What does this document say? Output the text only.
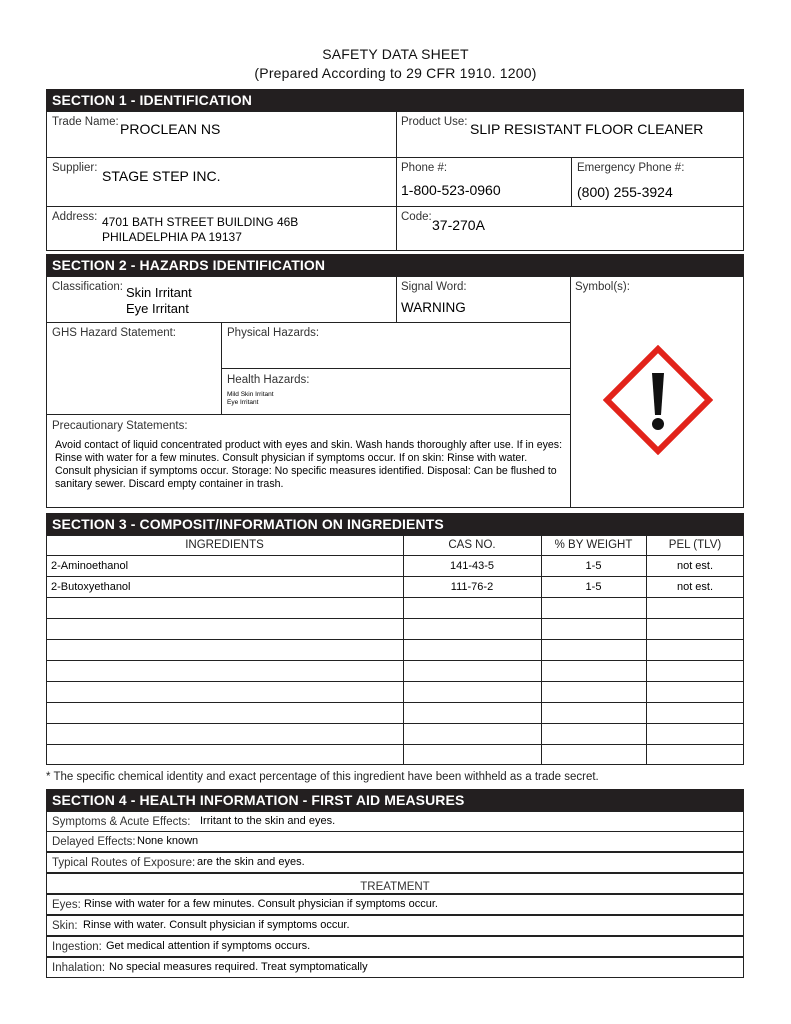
SAFETY DATA SHEET
(Prepared According to 29 CFR 1910. 1200)
SECTION 1 - IDENTIFICATION
Trade Name: PROCLEAN NS	Product Use: SLIP RESISTANT FLOOR CLEANER
Supplier: STAGE STEP INC.	Phone #:
1-800-523-0960
Emergency Phone #:
(800) 255-3924
Address: 4701 BATH STREET BUILDING 46B
PHILADELPHIA PA 19137
Code: 37-270A
SECTION 2 - HAZARDS IDENTIFICATION
Classification: Skin Irritant
Eye Irritant
Signal Word:
WARNING
Symbol(s):
GHS Hazard Statement:	Physical Hazards:
Health Hazards:
Mild Skin Irritant
Eye Irritant
Precautionary Statements:
Avoid contact of liquid concentrated product with eyes and skin. Wash hands thoroughly after use. If in eyes: Rinse with water for a few minutes. Consult physician if symptoms occur. If on skin: Rinse with water. Consult physician if symptoms occur. Storage: No specific measures identified. Disposal: Can be flushed to sanitary sewer. Discard empty container in trash.
SECTION 3 - COMPOSIT/INFORMATION ON INGREDIENTS
INGREDIENTS	CAS NO.	% BY WEIGHT	PEL (TLV)
2-Aminoethanol	141-43-5	1-5	not est.
2-Butoxyethanol	111-76-2	1-5	not est.
* The specific chemical identity and exact percentage of this ingredient have been withheld as a trade secret.
SECTION 4 - HEALTH INFORMATION - FIRST AID MEASURES
Symptoms & Acute Effects: Irritant to the skin and eyes.
Delayed Effects: None known
Typical Routes of Exposure: are the skin and eyes.
TREATMENT
Eyes: Rinse with water for a few minutes. Consult physician if symptoms occur.
Skin: Rinse with water. Consult physician if symptoms occur.
Ingestion: Get medical attention if symptoms occurs.
Inhalation: No special measures required. Treat symptomatically
